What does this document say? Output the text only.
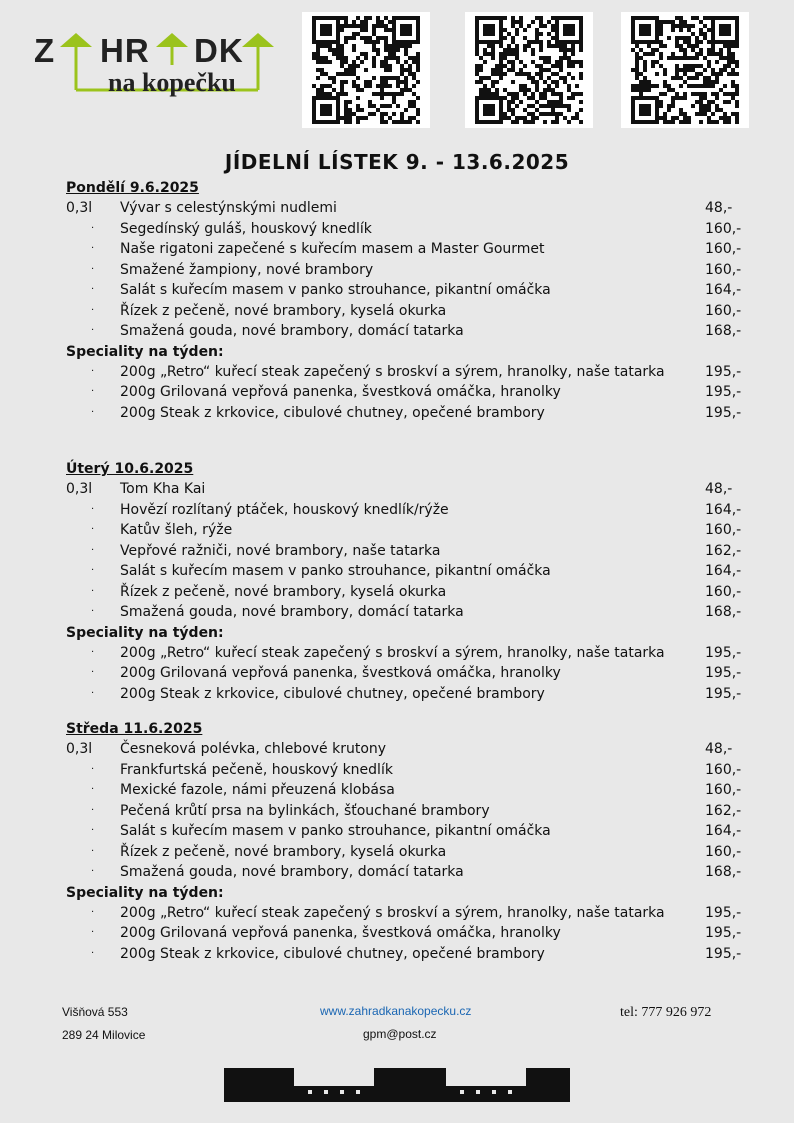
Z HR DK
na kopečku
JÍDELNÍ LÍSTEK 9. - 13.6.2025
Pondělí 9.6.2025
0,3l Vývar s celestýnskými nudlemi	48,-
· Segedínský guláš, houskový knedlík	160,-
· Naše rigatoni zapečené s kuřecím masem a Master Gourmet	160,-
· Smažené žampiony, nové brambory	160,-
· Salát s kuřecím masem v panko strouhance, pikantní omáčka	164,-
· Řízek z pečeně, nové brambory, kyselá okurka	160,-
· Smažená gouda, nové brambory, domácí tatarka	168,-
Speciality na týden:
· 200g „Retro“ kuřecí steak zapečený s broskví a sýrem, hranolky, naše tatarka	195,-
· 200g Grilovaná vepřová panenka, švestková omáčka, hranolky	195,-
· 200g Steak z krkovice, cibulové chutney, opečené brambory	195,-
Úterý 10.6.2025
0,3l Tom Kha Kai	48,-
· Hovězí rozlítaný ptáček, houskový knedlík/rýže	164,-
· Katův šleh, rýže	160,-
· Vepřové ražniči, nové brambory, naše tatarka	162,-
· Salát s kuřecím masem v panko strouhance, pikantní omáčka	164,-
· Řízek z pečeně, nové brambory, kyselá okurka	160,-
· Smažená gouda, nové brambory, domácí tatarka	168,-
Speciality na týden:
· 200g „Retro“ kuřecí steak zapečený s broskví a sýrem, hranolky, naše tatarka	195,-
· 200g Grilovaná vepřová panenka, švestková omáčka, hranolky	195,-
· 200g Steak z krkovice, cibulové chutney, opečené brambory	195,-
Středa 11.6.2025
0,3l Česneková polévka, chlebové krutony	48,-
· Frankfurtská pečeně, houskový knedlík	160,-
· Mexické fazole, námi přeuzená klobása	160,-
· Pečená krůtí prsa na bylinkách, šťouchané brambory	162,-
· Salát s kuřecím masem v panko strouhance, pikantní omáčka	164,-
· Řízek z pečeně, nové brambory, kyselá okurka	160,-
· Smažená gouda, nové brambory, domácí tatarka	168,-
Speciality na týden:
· 200g „Retro“ kuřecí steak zapečený s broskví a sýrem, hranolky, naše tatarka	195,-
· 200g Grilovaná vepřová panenka, švestková omáčka, hranolky	195,-
· 200g Steak z krkovice, cibulové chutney, opečené brambory	195,-
Višňová 553
289 24 Milovice
www.zahradkanakopecku.cz
gpm@post.cz
tel: 777 926 972
